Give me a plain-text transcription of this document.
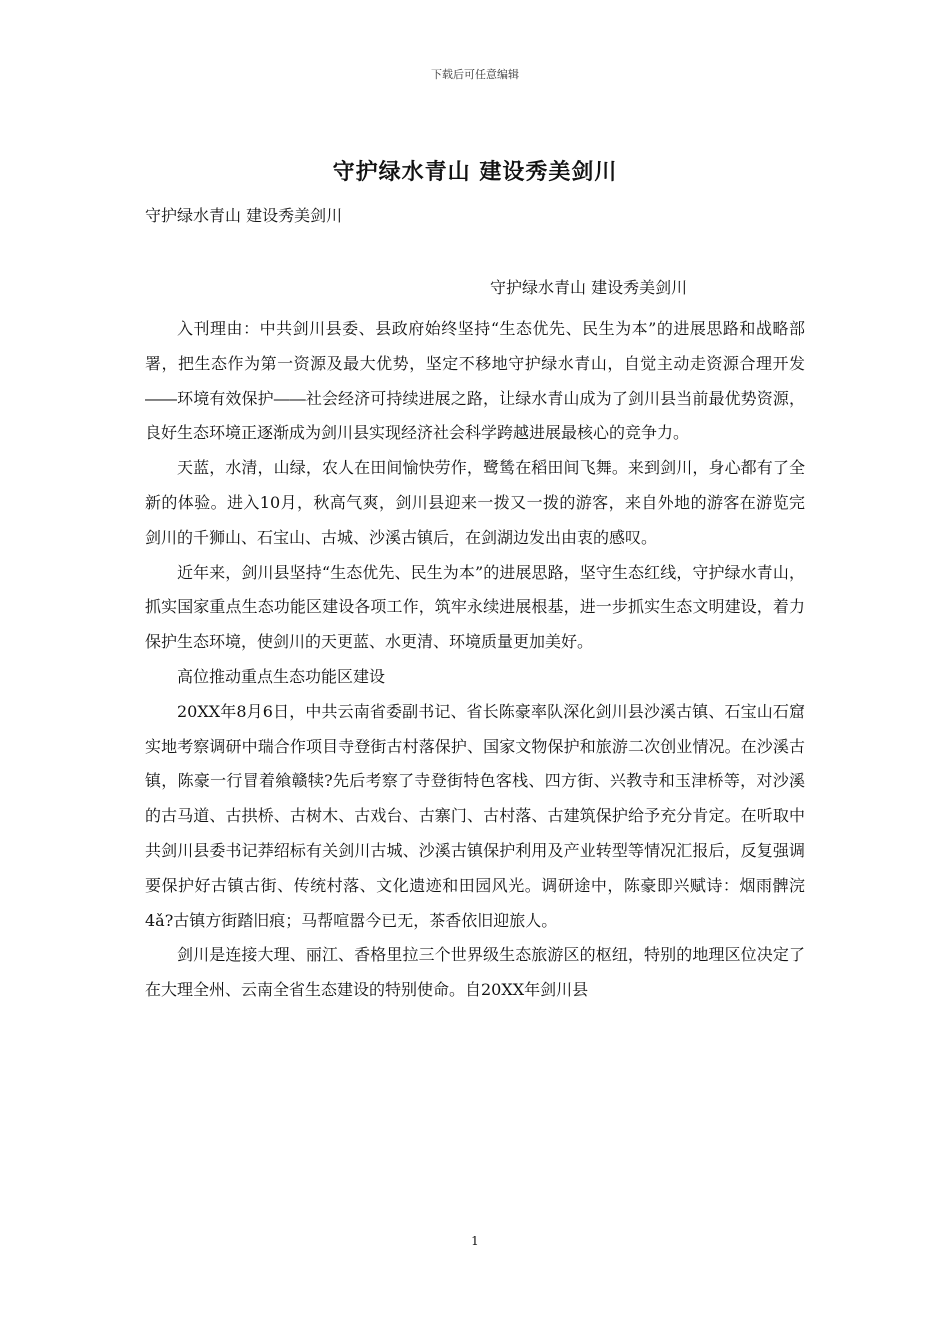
下载后可任意编辑
守护绿水青山 建设秀美剑川
守护绿水青山 建设秀美剑川
守护绿水青山 建设秀美剑川

入刊理由：中共剑川县委、县政府始终坚持“生态优先、民生为本”的进展思路和战略部署，把生态作为第一资源及最大优势，坚定不移地守护绿水青山，自觉主动走资源合理开发――环境有效保护――社会经济可持续进展之路，让绿水青山成为了剑川县当前最优势资源，良好生态环境正逐渐成为剑川县实现经济社会科学跨越进展最核心的竞争力。

天蓝，水清，山绿，农人在田间愉快劳作，鹭鸶在稻田间飞舞。来到剑川，身心都有了全新的体验。进入10月，秋高气爽，剑川县迎来一拨又一拨的游客，来自外地的游客在游览完剑川的千狮山、石宝山、古城、沙溪古镇后，在剑湖边发出由衷的感叹。

近年来，剑川县坚持“生态优先、民生为本”的进展思路，坚守生态红线，守护绿水青山，抓实国家重点生态功能区建设各项工作，筑牢永续进展根基，进一步抓实生态文明建设，着力保护生态环境，使剑川的天更蓝、水更清、环境质量更加美好。

高位推动重点生态功能区建设

20XX年8月6日，中共云南省委副书记、省长陈豪率队深化剑川县沙溪古镇、石宝山石窟实地考察调研中瑞合作项目寺登街古村落保护、国家文物保护和旅游二次创业情况。在沙溪古镇，陈豪一行冒着飨赣犊?先后考察了寺登街特色客栈、四方街、兴教寺和玉津桥等，对沙溪的古马道、古拱桥、古树木、古戏台、古寨门、古村落、古建筑保护给予充分肯定。在听取中共剑川县委书记莽绍标有关剑川古城、沙溪古镇保护利用及产业转型等情况汇报后，反复强调要保护好古镇古街、传统村落、文化遗迹和田园风光。调研途中，陈豪即兴赋诗：烟雨髀浣4ǎ?古镇方街踏旧痕；马帮喧嚣今已无，茶香依旧迎旅人。

剑川是连接大理、丽江、香格里拉三个世界级生态旅游区的枢纽，特别的地理区位决定了在大理全州、云南全省生态建设的特别使命。自20XX年剑川县

1
